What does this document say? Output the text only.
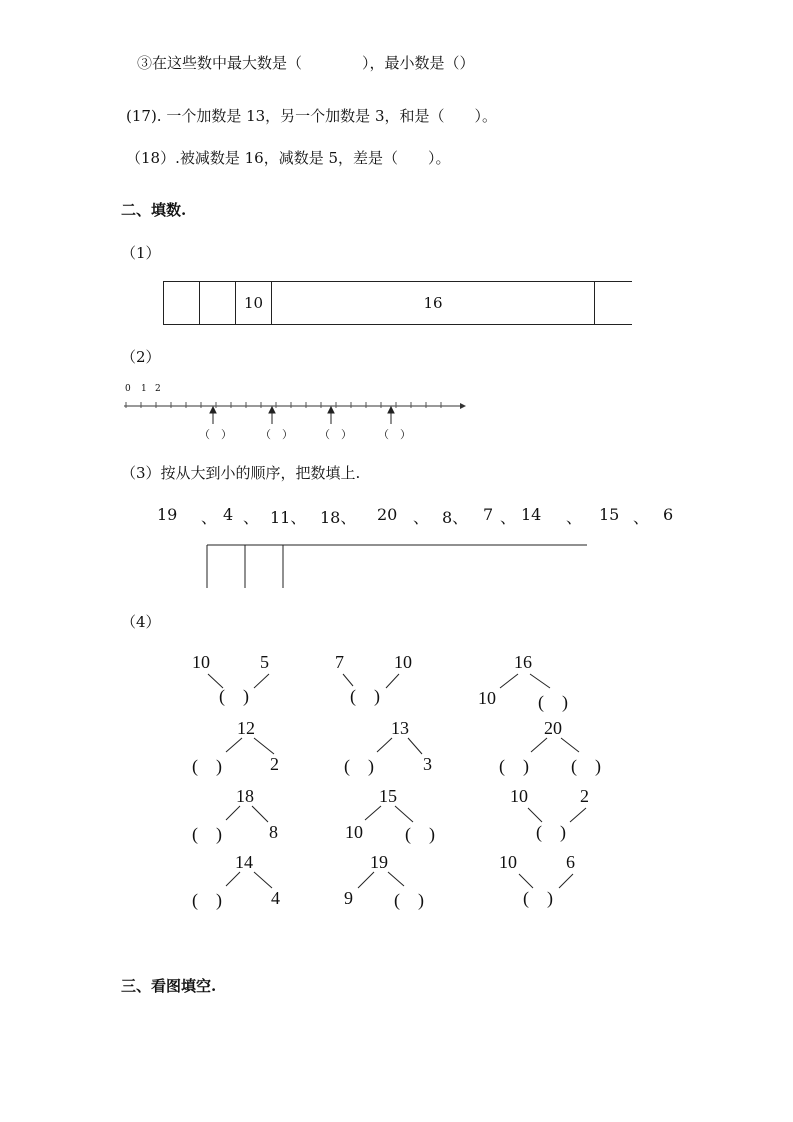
③在这些数中最大数是（　　　　），最小数是（）
(17). 一个加数是 13，另一个加数是 3，和是（　　）。
（18）.被减数是 16，减数是 5，差是（　　）。
二、填数.
（1）
10	16
（2）
0 1 2
（　）	（　） （　） （　）
（3）按从大到小的顺序，把数填上.
19 、 4 、 11、 18、 20 、 8、 7 、 14 、 15 、 6
（4）
10	5
(　)
7	10
(　)
16
10 (　)
12
(　)	2
13
(　)	3
20
(　) (　)
18
(　)	8
15
10 (　)
10	2
(　)
14
(　)	4
19
9 (　)
10	6
(　)
三、看图填空.
